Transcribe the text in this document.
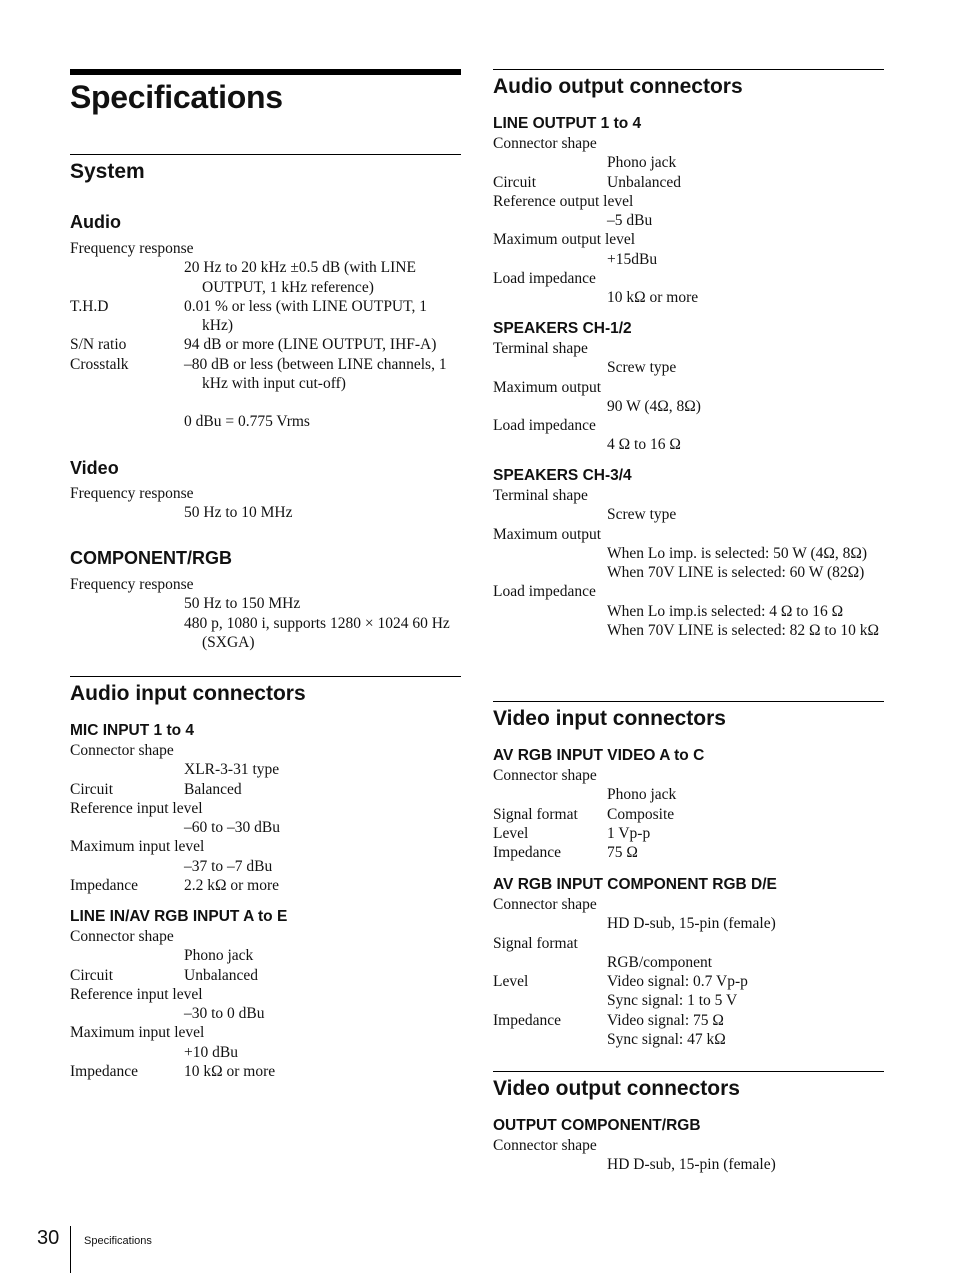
Specifications
System
Audio
Frequency response
20 Hz to 20 kHz ±0.5 dB (with LINE OUTPUT, 1 kHz reference)
T.H.D	0.01 % or less (with LINE OUTPUT, 1 kHz)
S/N ratio	94 dB or more (LINE OUTPUT, IHF-A)
Crosstalk	–80 dB or less (between LINE channels, 1 kHz with input cut-off)
0 dBu = 0.775 Vrms
Video
Frequency response
50 Hz to 10 MHz
COMPONENT/RGB
Frequency response
50 Hz to 150 MHz
480 p, 1080 i, supports 1280 × 1024 60 Hz (SXGA)
Audio input connectors
MIC INPUT 1 to 4
Connector shape
XLR-3-31 type
Circuit	Balanced
Reference input level
–60 to –30 dBu
Maximum input level
–37 to –7 dBu
Impedance	2.2 kΩ or more
LINE IN/AV RGB INPUT A to E
Connector shape
Phono jack
Circuit	Unbalanced
Reference input level
–30 to 0 dBu
Maximum input level
+10 dBu
Impedance	10 kΩ or more
Audio output connectors
LINE OUTPUT 1 to 4
Connector shape
Phono jack
Circuit	Unbalanced
Reference output level
–5 dBu
Maximum output level
+15dBu
Load impedance
10 kΩ or more
SPEAKERS CH-1/2
Terminal shape
Screw type
Maximum output
90 W (4Ω, 8Ω)
Load impedance
4 Ω to 16 Ω
SPEAKERS CH-3/4
Terminal shape
Screw type
Maximum output
When Lo imp. is selected: 50 W (4Ω, 8Ω)
When 70V LINE is selected: 60 W (82Ω)
Load impedance
When Lo imp.is selected: 4 Ω to 16 Ω
When 70V LINE is selected: 82 Ω to 10 kΩ
Video input connectors
AV RGB INPUT VIDEO A to C
Connector shape
Phono jack
Signal format	Composite
Level	1 Vp-p
Impedance	75 Ω
AV RGB INPUT COMPONENT RGB D/E
Connector shape
HD D-sub, 15-pin (female)
Signal format
RGB/component
Level	Video signal: 0.7 Vp-p
Sync signal: 1 to 5 V
Impedance	Video signal: 75 Ω
Sync signal: 47 kΩ
Video output connectors
OUTPUT COMPONENT/RGB
Connector shape
HD D-sub, 15-pin (female)
30 Specifications
